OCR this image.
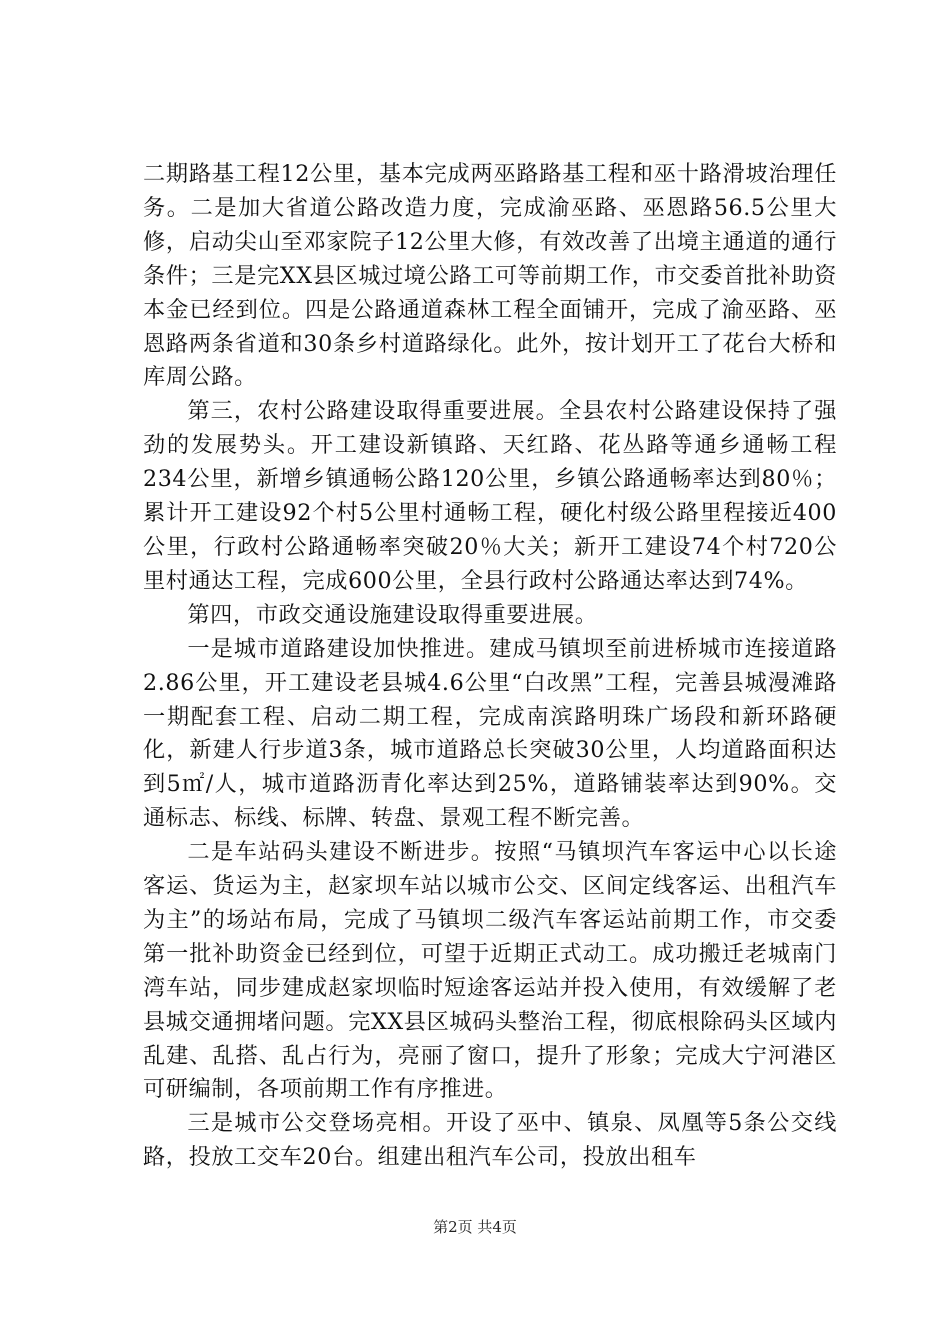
二期路基工程12公里，基本完成两巫路路基工程和巫十路滑坡治理任务。二是加大省道公路改造力度，完成渝巫路、巫恩路56.5公里大修，启动尖山至邓家院子12公里大修，有效改善了出境主通道的通行条件；三是完XX县区城过境公路工可等前期工作，市交委首批补助资本金已经到位。四是公路通道森林工程全面铺开，完成了渝巫路、巫恩路两条省道和30条乡村道路绿化。此外，按计划开工了花台大桥和库周公路。

第三，农村公路建设取得重要进展。全县农村公路建设保持了强劲的发展势头。开工建设新镇路、天红路、花丛路等通乡通畅工程234公里，新增乡镇通畅公路120公里，乡镇公路通畅率达到80％；累计开工建设92个村5公里村通畅工程，硬化村级公路里程接近400公里，行政村公路通畅率突破20％大关；新开工建设74个村720公里村通达工程，完成600公里，全县行政村公路通达率达到74%。

第四，市政交通设施建设取得重要进展。

一是城市道路建设加快推进。建成马镇坝至前进桥城市连接道路2.86公里，开工建设老县城4.6公里“白改黑”工程，完善县城漫滩路一期配套工程、启动二期工程，完成南滨路明珠广场段和新环路硬化，新建人行步道3条，城市道路总长突破30公里，人均道路面积达到5㎡/人，城市道路沥青化率达到25%，道路铺装率达到90%。交通标志、标线、标牌、转盘、景观工程不断完善。

二是车站码头建设不断进步。按照“马镇坝汽车客运中心以长途客运、货运为主，赵家坝车站以城市公交、区间定线客运、出租汽车为主”的场站布局，完成了马镇坝二级汽车客运站前期工作，市交委第一批补助资金已经到位，可望于近期正式动工。成功搬迁老城南门湾车站，同步建成赵家坝临时短途客运站并投入使用，有效缓解了老县城交通拥堵问题。完XX县区城码头整治工程，彻底根除码头区域内乱建、乱搭、乱占行为，亮丽了窗口，提升了形象；完成大宁河港区可研编制，各项前期工作有序推进。

三是城市公交登场亮相。开设了巫中、镇泉、凤凰等5条公交线路，投放工交车20台。组建出租汽车公司，投放出租车

第2页 共4页
